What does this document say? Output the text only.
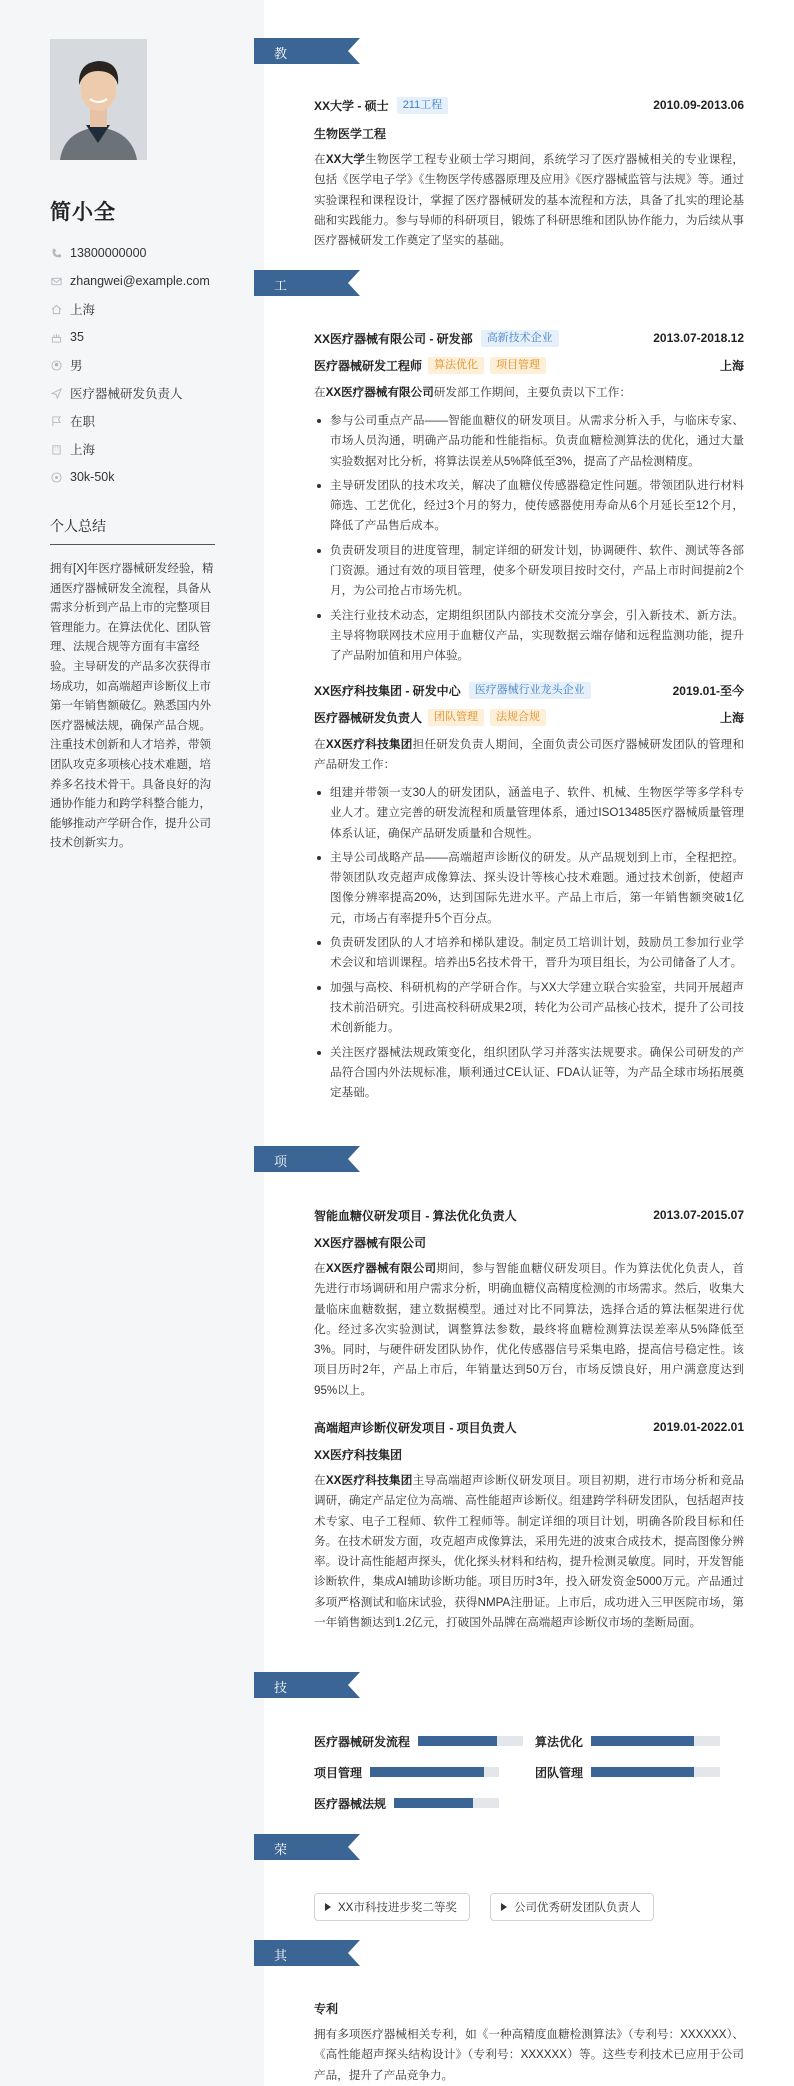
简小全
13800000000
zhangwei@example.com
上海
35
男
医疗器械研发负责人
在职
上海
30k-50k
个人总结
拥有[X]年医疗器械研发经验，精通医疗器械研发全流程，具备从需求分析到产品上市的完整项目管理能力。在算法优化、团队管理、法规合规等方面有丰富经验。主导研发的产品多次获得市场成功，如高端超声诊断仪上市第一年销售额破亿。熟悉国内外医疗器械法规，确保产品合规。注重技术创新和人才培养，带领团队攻克多项核心技术难题，培养多名技术骨干。具备良好的沟通协作能力和跨学科整合能力，能够推动产学研合作，提升公司技术创新实力。
教育经历 XX大学 - 硕士	211工程	2010.09-2013.06
生物医学工程
在XX大学生物医学工程专业硕士学习期间，系统学习了医疗器械相关的专业课程，包括《医学电子学》《生物医学传感器原理及应用》《医疗器械监管与法规》等。通过实验课程和课程设计，掌握了医疗器械研发的基本流程和方法，具备了扎实的理论基础和实践能力。参与导师的科研项目，锻炼了科研思维和团队协作能力，为后续从事医疗器械研发工作奠定了坚实的基础。
工作经历 XX医疗器械有限公司 - 研发部	高新技术企业	2013.07-2018.12
医疗器械研发工程师	算法优化	项目管理	上海
在XX医疗器械有限公司研发部工作期间，主要负责以下工作：
参与公司重点产品——智能血糖仪的研发项目。从需求分析入手，与临床专家、市场人员沟通，明确产品功能和性能指标。负责血糖检测算法的优化，通过大量实验数据对比分析，将算法误差从5%降低至3%，提高了产品检测精度。
主导研发团队的技术攻关，解决了血糖仪传感器稳定性问题。带领团队进行材料筛选、工艺优化，经过3个月的努力，使传感器使用寿命从6个月延长至12个月，降低了产品售后成本。
负责研发项目的进度管理，制定详细的研发计划，协调硬件、软件、测试等各部门资源。通过有效的项目管理，使多个研发项目按时交付，产品上市时间提前2个月，为公司抢占市场先机。
关注行业技术动态，定期组织团队内部技术交流分享会，引入新技术、新方法。主导将物联网技术应用于血糖仪产品，实现数据云端存储和远程监测功能，提升了产品附加值和用户体验。
XX医疗科技集团 - 研发中心	医疗器械行业龙头企业	2019.01-至今
医疗器械研发负责人	团队管理	法规合规	上海
在XX医疗科技集团担任研发负责人期间，全面负责公司医疗器械研发团队的管理和产品研发工作：
组建并带领一支30人的研发团队，涵盖电子、软件、机械、生物医学等多学科专业人才。建立完善的研发流程和质量管理体系，通过ISO13485医疗器械质量管理体系认证，确保产品研发质量和合规性。
主导公司战略产品——高端超声诊断仪的研发。从产品规划到上市，全程把控。带领团队攻克超声成像算法、探头设计等核心技术难题。通过技术创新，使超声图像分辨率提高20%，达到国际先进水平。产品上市后，第一年销售额突破1亿元，市场占有率提升5个百分点。
负责研发团队的人才培养和梯队建设。制定员工培训计划，鼓励员工参加行业学术会议和培训课程。培养出5名技术骨干，晋升为项目组长，为公司储备了人才。
加强与高校、科研机构的产学研合作。与XX大学建立联合实验室，共同开展超声技术前沿研究。引进高校科研成果2项，转化为公司产品核心技术，提升了公司技术创新能力。
关注医疗器械法规政策变化，组织团队学习并落实法规要求。确保公司研发的产品符合国内外法规标准，顺利通过CE认证、FDA认证等，为产品全球市场拓展奠定基础。
项目经历 智能血糖仪研发项目 - 算法优化负责人	2013.07-2015.07
XX医疗器械有限公司
在XX医疗器械有限公司期间，参与智能血糖仪研发项目。作为算法优化负责人，首先进行市场调研和用户需求分析，明确血糖仪高精度检测的市场需求。然后，收集大量临床血糖数据，建立数据模型。通过对比不同算法，选择合适的算法框架进行优化。经过多次实验测试，调整算法参数，最终将血糖检测算法误差率从5%降低至3%。同时，与硬件研发团队协作，优化传感器信号采集电路，提高信号稳定性。该项目历时2年，产品上市后，年销量达到50万台，市场反馈良好，用户满意度达到95%以上。
高端超声诊断仪研发项目 - 项目负责人	2019.01-2022.01
XX医疗科技集团
在XX医疗科技集团主导高端超声诊断仪研发项目。项目初期，进行市场分析和竞品调研，确定产品定位为高端、高性能超声诊断仪。组建跨学科研发团队，包括超声技术专家、电子工程师、软件工程师等。制定详细的项目计划，明确各阶段目标和任务。在技术研发方面，攻克超声成像算法，采用先进的波束合成技术，提高图像分辨率。设计高性能超声探头，优化探头材料和结构，提升检测灵敏度。同时，开发智能诊断软件，集成AI辅助诊断功能。项目历时3年，投入研发资金5000万元。产品通过多项严格测试和临床试验，获得NMPA注册证。上市后，成功进入三甲医院市场，第一年销售额达到1.2亿元，打破国外品牌在高端超声诊断仪市场的垄断局面。
技能专长 医疗器械研发流程	算法优化
项目管理	团队管理
医疗器械法规
荣誉奖项	XX市科技进步奖二等奖	公司优秀研发团队负责人
其他信息 专利
拥有多项医疗器械相关专利，如《一种高精度血糖检测算法》（专利号：XXXXXX）、《高性能超声探头结构设计》（专利号：XXXXXX）等。这些专利技术已应用于公司产品，提升了产品竞争力。
